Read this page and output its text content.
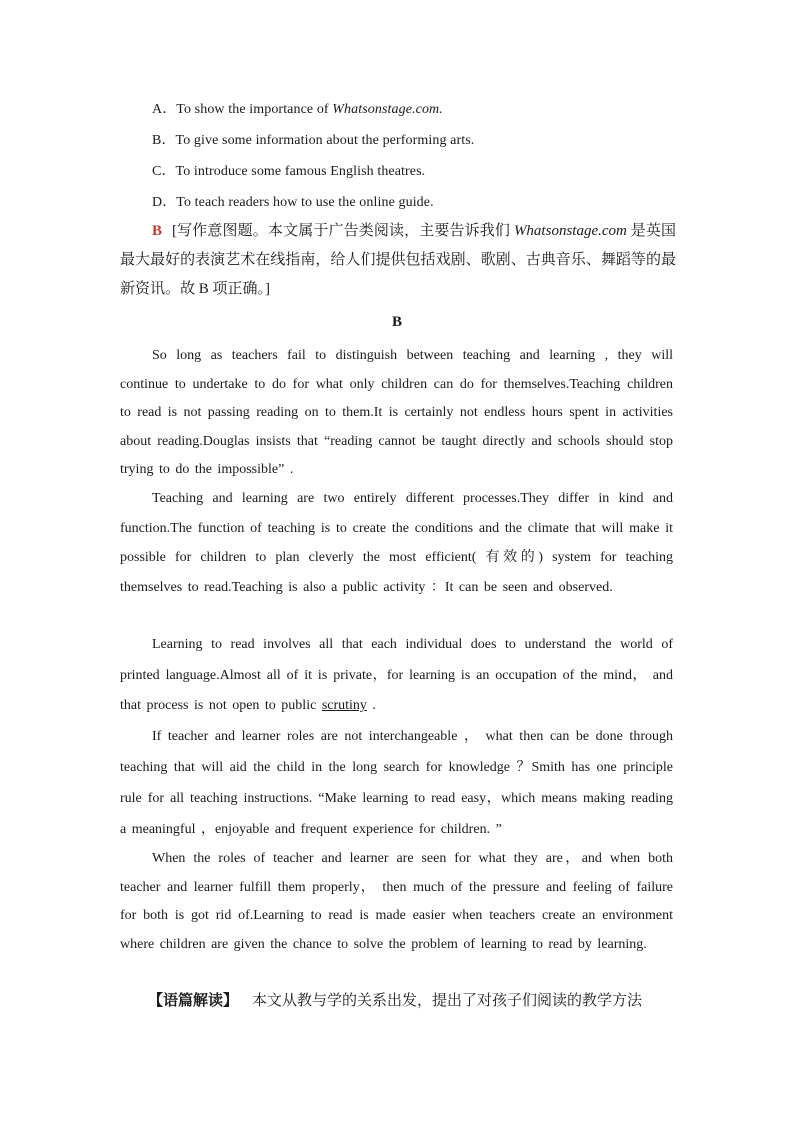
A．To show the importance of Whatsonstage.com.
B．To give some information about the performing arts.
C．To introduce some famous English theatres.
D．To teach readers how to use the online guide.
B [写作意图题。本文属于广告类阅读，主要告诉我们 Whatsonstage.com 是英国最大最好的表演艺术在线指南，给人们提供包括戏剧、歌剧、古典音乐、舞蹈等的最新资讯。故 B 项正确。]
B
So long as teachers fail to distinguish between teaching and learning , they will continue to undertake to do for what only children can do for themselves.Teaching children to read is not passing reading on to them.It is certainly not endless hours spent in activities about reading.Douglas insists that “reading cannot be taught directly and schools should stop trying to do the impossible” .
Teaching and learning are two entirely different processes.They differ in kind and function.The function of teaching is to create the conditions and the climate that will make it possible for children to plan cleverly the most efficient( 有效的) system for teaching themselves to read.Teaching is also a public activity ：It can be seen and observed.
Learning to read involves all that each individual does to understand the world of printed language.Almost all of it is private，for learning is an occupation of the mind， and that process is not open to public scrutiny .
If teacher and learner roles are not interchangeable ， what then can be done through teaching that will aid the child in the long search for knowledge ？Smith has one principle rule for all teaching instructions. “Make learning to read easy，which means making reading a meaningful ，enjoyable and frequent experience for children. ”
When the roles of teacher and learner are seen for what they are，and when both teacher and learner fulfill them properly， then much of the pressure and feeling of failure for both is got rid of.Learning to read is made easier when teachers create an environment where children are given the chance to solve the problem of learning to read by learning.
【语篇解读】 本文从教与学的关系出发，提出了对孩子们阅读的教学方法
